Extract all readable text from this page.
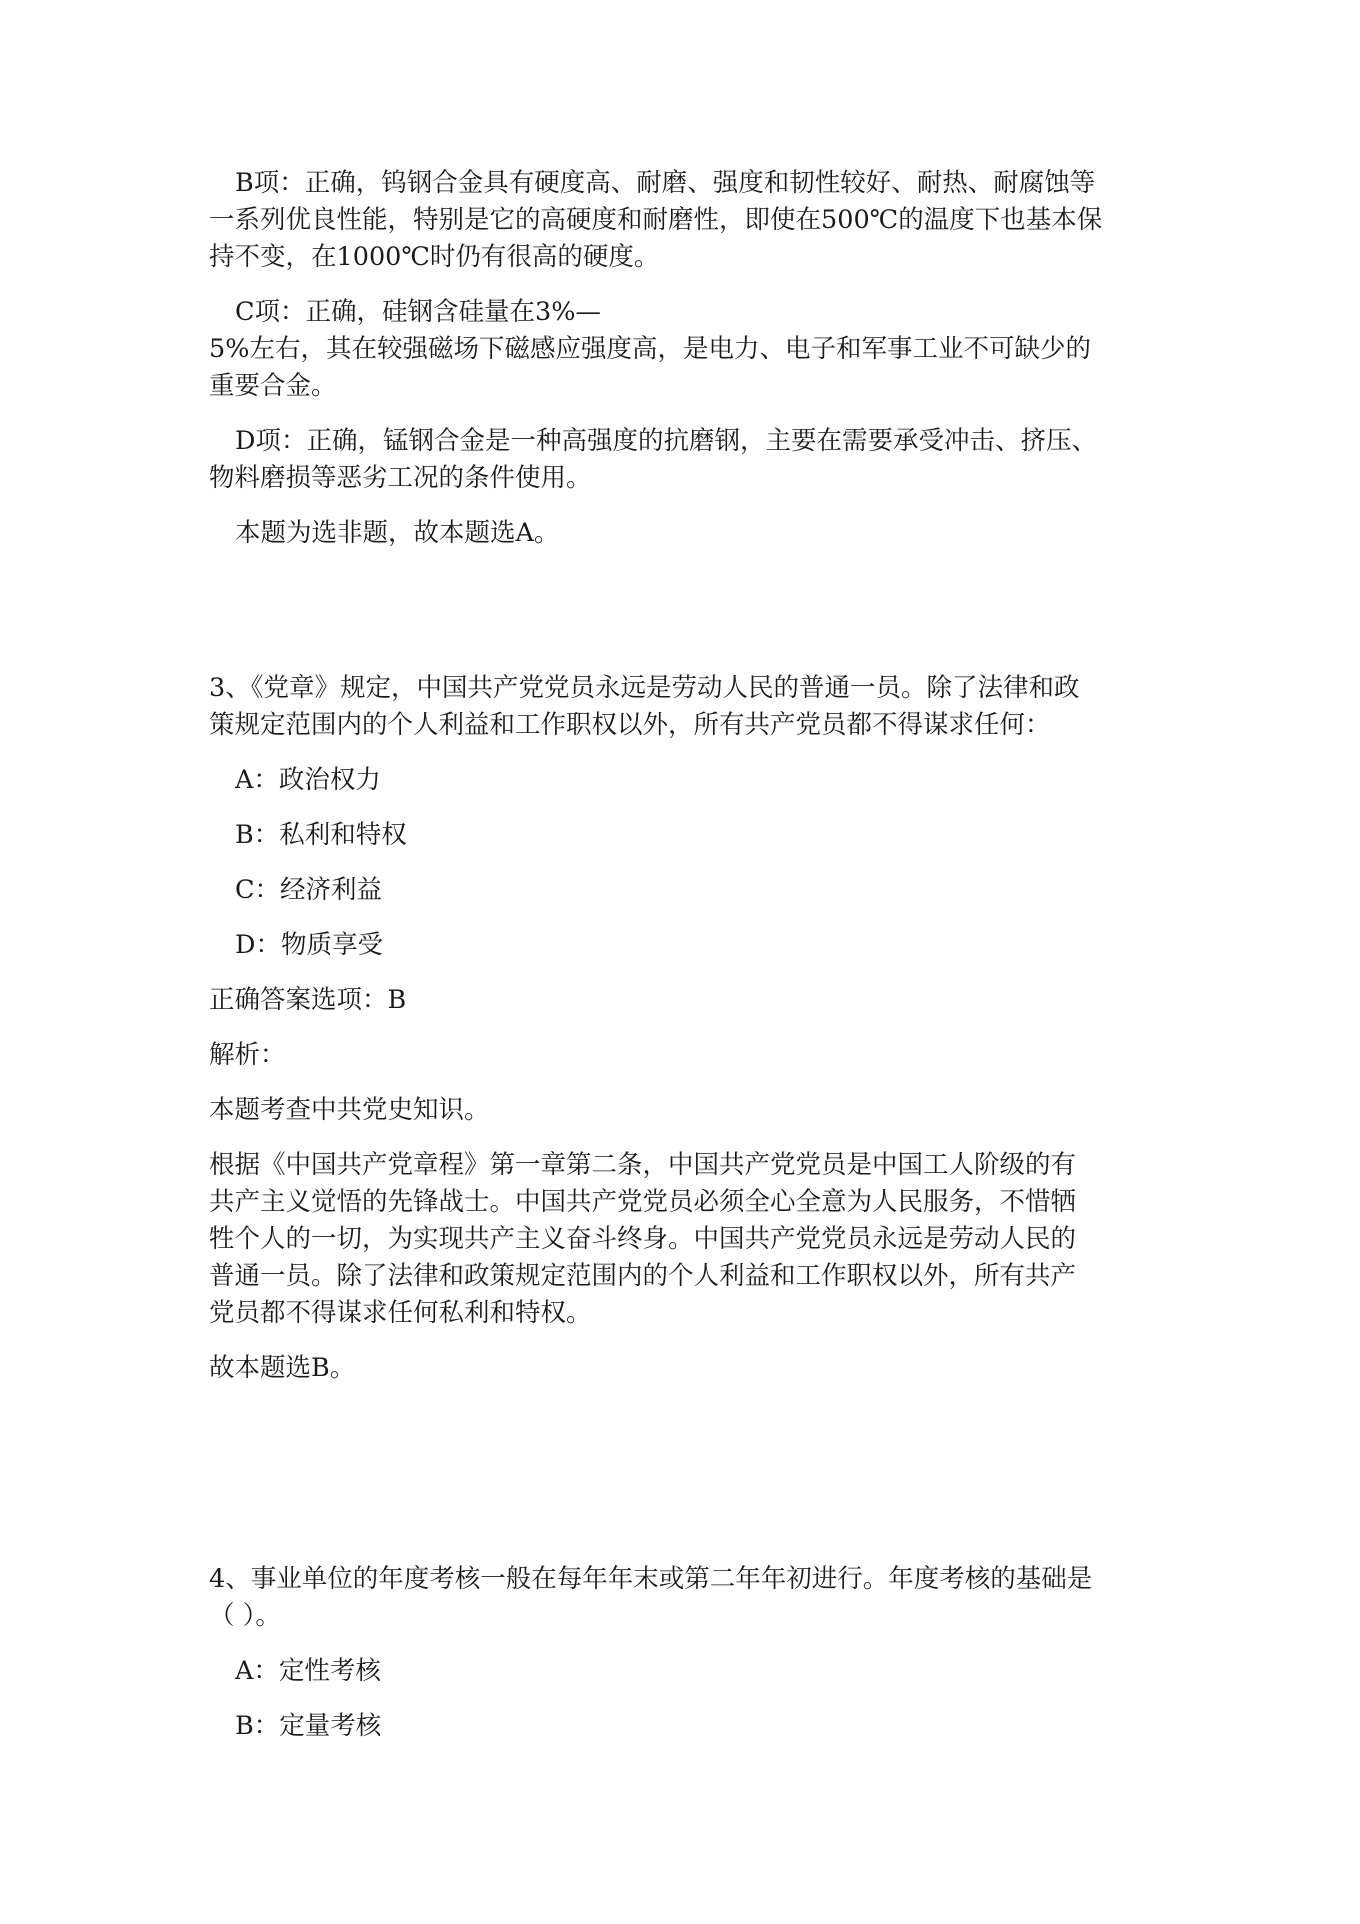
B项：正确，钨钢合金具有硬度高、耐磨、强度和韧性较好、耐热、耐腐蚀等
一系列优良性能，特别是它的高硬度和耐磨性，即使在500℃的温度下也基本保
持不变，在1000℃时仍有很高的硬度。
C项：正确，硅钢含硅量在3%—
5%左右，其在较强磁场下磁感应强度高，是电力、电子和军事工业不可缺少的
重要合金。
D项：正确，锰钢合金是一种高强度的抗磨钢，主要在需要承受冲击、挤压、
物料磨损等恶劣工况的条件使用。
本题为选非题，故本题选A。
3、《党章》规定，中国共产党党员永远是劳动人民的普通一员。除了法律和政
策规定范围内的个人利益和工作职权以外，所有共产党员都不得谋求任何：
A：政治权力
B：私利和特权
C：经济利益
D：物质享受
正确答案选项：B
解析：
本题考查中共党史知识。
根据《中国共产党章程》第一章第二条，中国共产党党员是中国工人阶级的有
共产主义觉悟的先锋战士。中国共产党党员必须全心全意为人民服务，不惜牺
牲个人的一切，为实现共产主义奋斗终身。中国共产党党员永远是劳动人民的
普通一员。除了法律和政策规定范围内的个人利益和工作职权以外，所有共产
党员都不得谋求任何私利和特权。
故本题选B。
4、事业单位的年度考核一般在每年年末或第二年年初进行。年度考核的基础是
（ ）。
A：定性考核
B：定量考核
